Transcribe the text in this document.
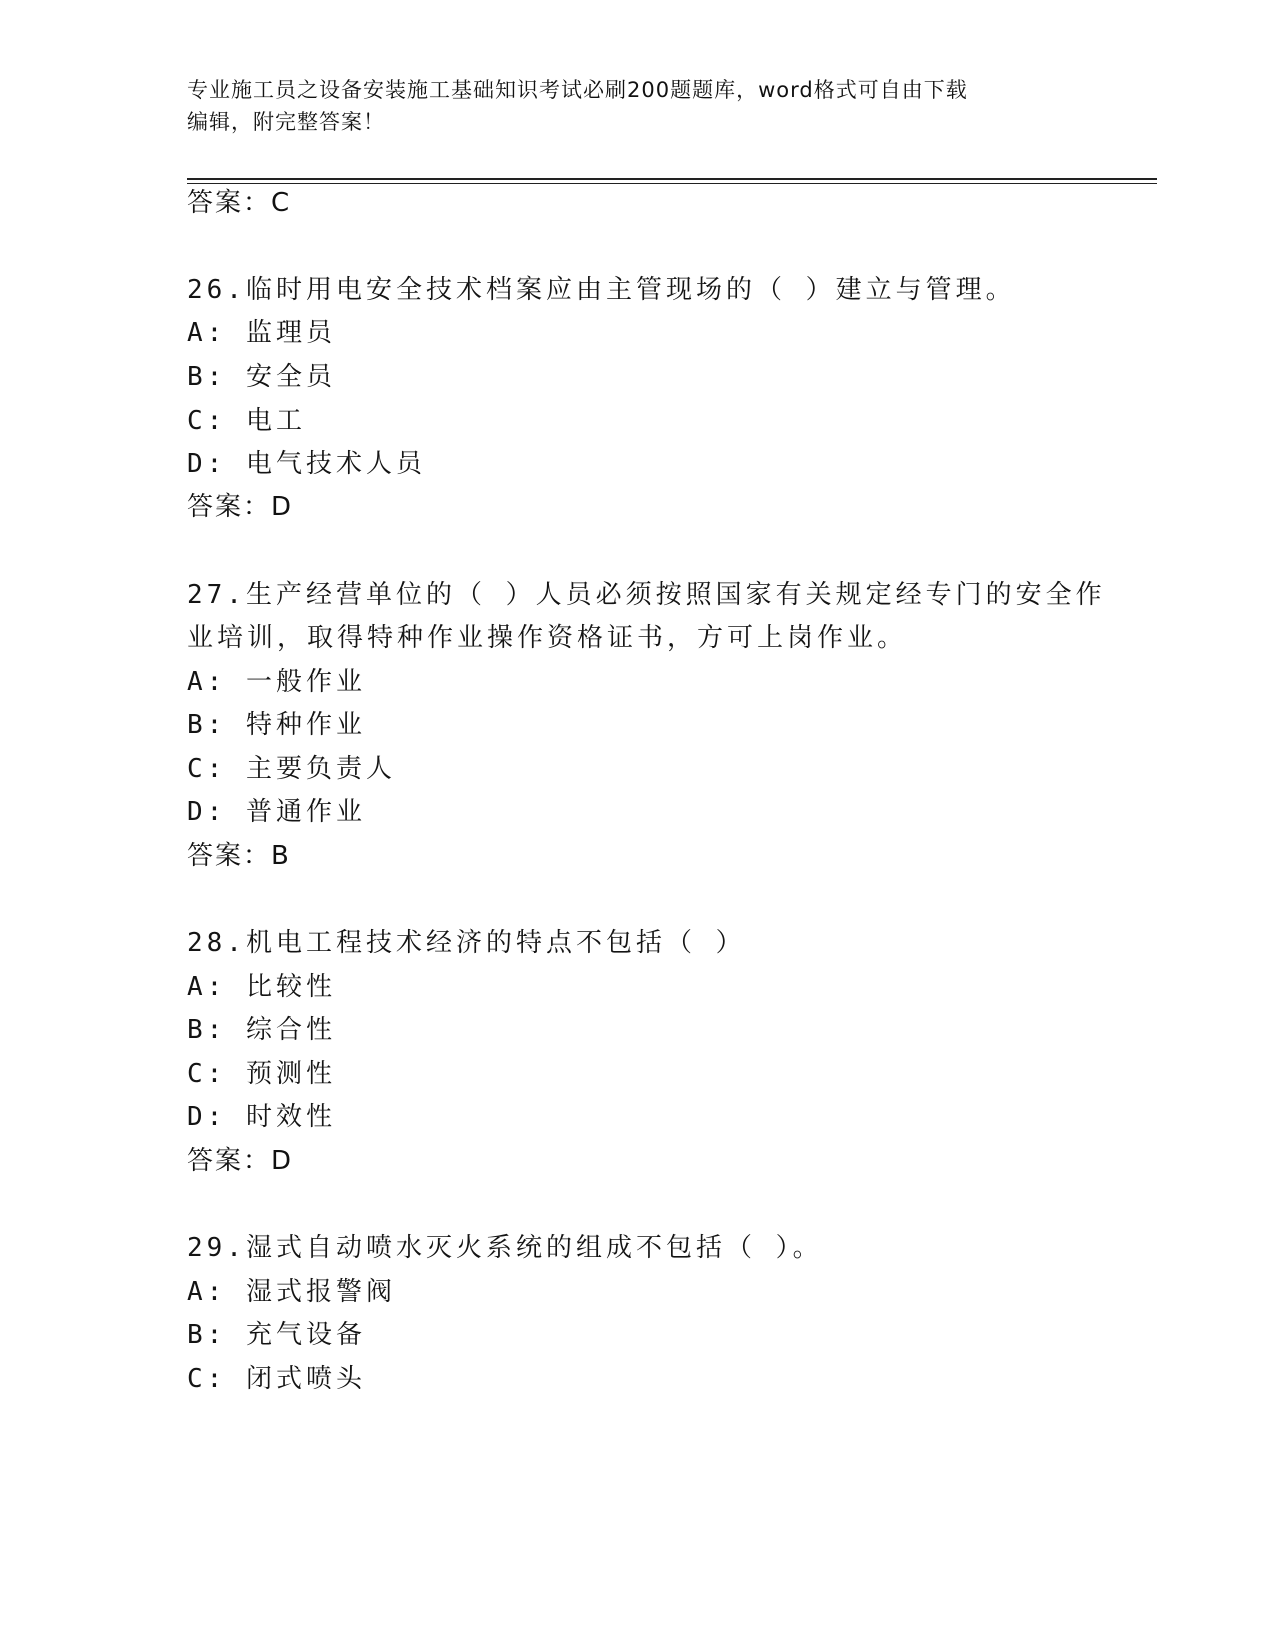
专业施工员之设备安装施工基础知识考试必刷200题题库，word格式可自由下载
编辑，附完整答案！
答案：C
26.临时用电安全技术档案应由主管现场的（ ）建立与管理。
A: 监理员
B: 安全员
C: 电工
D: 电气技术人员
答案：D
27.生产经营单位的（ ）人员必须按照国家有关规定经专门的安全作
业培训，取得特种作业操作资格证书，方可上岗作业。
A: 一般作业
B: 特种作业
C: 主要负责人
D: 普通作业
答案：B
28.机电工程技术经济的特点不包括（ ）
A: 比较性
B: 综合性
C: 预测性
D: 时效性
答案：D
29.湿式自动喷水灭火系统的组成不包括（ ）。
A: 湿式报警阀
B: 充气设备
C: 闭式喷头
